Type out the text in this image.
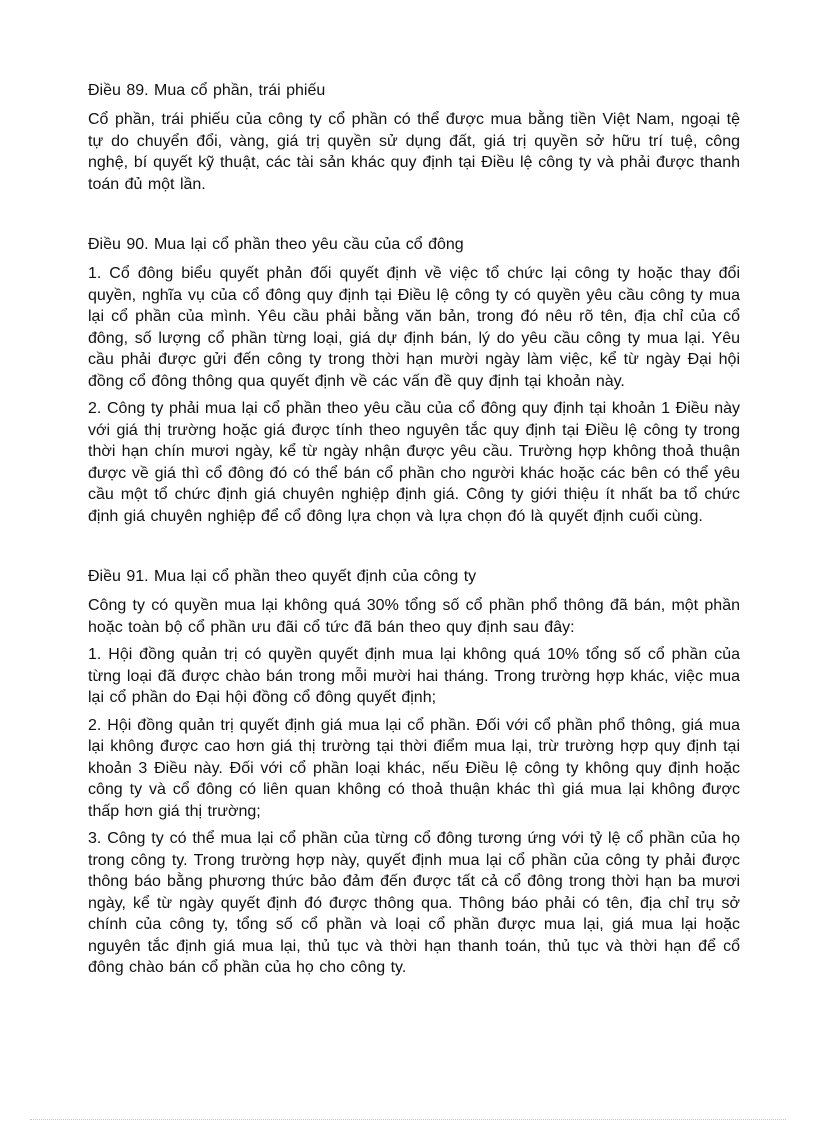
Điều 89. Mua cổ phần, trái phiếu
Cổ phần, trái phiếu của công ty cổ phần có thể được mua bằng tiền Việt Nam, ngoại tệ tự do chuyển đổi, vàng, giá trị quyền sử dụng đất, giá trị quyền sở hữu trí tuệ, công nghệ, bí quyết kỹ thuật, các tài sản khác quy định tại Điều lệ công ty và phải được thanh toán đủ một lần.
Điều 90. Mua lại cổ phần theo yêu cầu của cổ đông
1. Cổ đông biểu quyết phản đối quyết định về việc tổ chức lại công ty hoặc thay đổi quyền, nghĩa vụ của cổ đông quy định tại Điều lệ công ty có quyền yêu cầu công ty mua lại cổ phần của mình. Yêu cầu phải bằng văn bản, trong đó nêu rõ tên, địa chỉ của cổ đông, số lượng cổ phần từng loại, giá dự định bán, lý do yêu cầu công ty mua lại. Yêu cầu phải được gửi đến công ty trong thời hạn mười ngày làm việc, kể từ ngày Đại hội đồng cổ đông thông qua quyết định về các vấn đề quy định tại khoản này.
2. Công ty phải mua lại cổ phần theo yêu cầu của cổ đông quy định tại khoản 1 Điều này với giá thị trường hoặc giá được tính theo nguyên tắc quy định tại Điều lệ công ty trong thời hạn chín mươi ngày, kể từ ngày nhận được yêu cầu. Trường hợp không thoả thuận được về giá thì cổ đông đó có thể bán cổ phần cho người khác hoặc các bên có thể yêu cầu một tổ chức định giá chuyên nghiệp định giá. Công ty giới thiệu ít nhất ba tổ chức định giá chuyên nghiệp để cổ đông lựa chọn và lựa chọn đó là quyết định cuối cùng.
Điều 91. Mua lại cổ phần theo quyết định của công ty
Công ty có quyền mua lại không quá 30% tổng số cổ phần phổ thông đã bán, một phần hoặc toàn bộ cổ phần ưu đãi cổ tức đã bán theo quy định sau đây:
1. Hội đồng quản trị có quyền quyết định mua lại không quá 10% tổng số cổ phần của từng loại đã được chào bán trong mỗi mười hai tháng. Trong trường hợp khác, việc mua lại cổ phần do Đại hội đồng cổ đông quyết định;
2. Hội đồng quản trị quyết định giá mua lại cổ phần. Đối với cổ phần phổ thông, giá mua lại không được cao hơn giá thị trường tại thời điểm mua lại, trừ trường hợp quy định tại khoản 3 Điều này. Đối với cổ phần loại khác, nếu Điều lệ công ty không quy định hoặc công ty và cổ đông có liên quan không có thoả thuận khác thì giá mua lại không được thấp hơn giá thị trường;
3. Công ty có thể mua lại cổ phần của từng cổ đông tương ứng với tỷ lệ cổ phần của họ trong công ty. Trong trường hợp này, quyết định mua lại cổ phần của công ty phải được thông báo bằng phương thức bảo đảm đến được tất cả cổ đông trong thời hạn ba mươi ngày, kể từ ngày quyết định đó được thông qua. Thông báo phải có tên, địa chỉ trụ sở chính của công ty, tổng số cổ phần và loại cổ phần được mua lại, giá mua lại hoặc nguyên tắc định giá mua lại, thủ tục và thời hạn thanh toán, thủ tục và thời hạn để cổ đông chào bán cổ phần của họ cho công ty.
